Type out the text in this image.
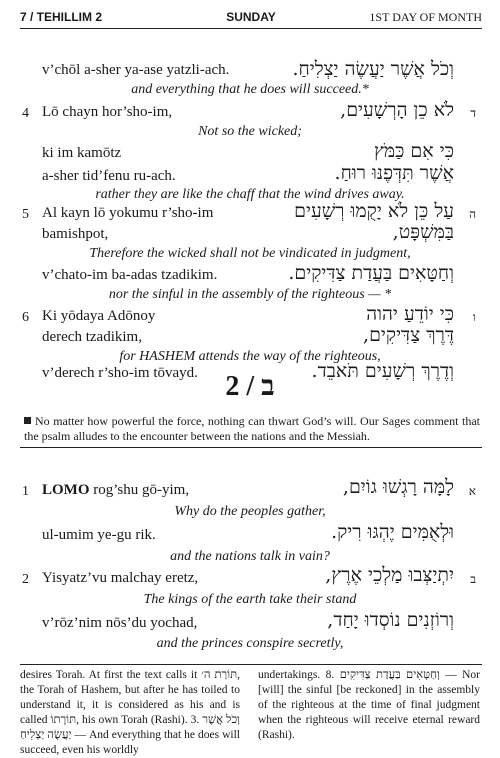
7 / TEHILLIM 2	SUNDAY	1ST DAY OF MONTH
v’chōl a-sher ya-ase yatzli-ach.	וְכֹל אֲשֶׁר יַעֲשֶׂה יַצְלִיחַ.
and everything that he does will succeed.*
4 Lō chayn hor’sho-im,	לֹא כֵן הָרְשָׁעִים, ד
Not so the wicked;
ki im kamōtz	כִּי אִם כַּמֹּץ
a-sher tid’fenu ru-ach.	אֲשֶׁר תִּדְּפֶנּוּ רוּחַ.
rather they are like the chaff that the wind drives away.
5 Al kayn lō yokumu r’sho-im	עַל כֵּן לֹא יָקֻמוּ רְשָׁעִים ה
bamishpot,	בַּמִּשְׁפָּט,
Therefore the wicked shall not be vindicated in judgment,
v’chato-im ba-adas tzadikim.	וְחַטָּאִים בַּעֲדַת צַדִּיקִים.
nor the sinful in the assembly of the righteous — *
6 Ki yōdaya Adōnoy	כִּי יוֹדֵעַ יהוה ו
derech tzadikim,	דֶּרֶךְ צַדִּיקִים,
for HASHEM attends the way of the righteous,
v’derech r’sho-im tōvayd.	וְדֶרֶךְ רְשָׁעִים תֹּאבֵד.
2 / ב
No matter how powerful the force, nothing can thwart God’s will. Our Sages comment that the psalm alludes to the encounter between the nations and the Messiah.
1 LOMO rog’shu gō-yim,	לָמָּה רָגְשׁוּ גוֹיִם, א
Why do the peoples gather,
ul-umim ye-gu rik.	וּלְאֻמִּים יֶהְגּוּ רִיק.
and the nations talk in vain?
2 Yisyatz’vu malchay eretz,	יִתְיַצְּבוּ מַלְכֵי אֶרֶץ, ב
The kings of the earth take their stand
v’rōz’nim nōs’du yochad,	וְרוֹזְנִים נוֹסְדוּ יָחַד,
and the princes conspire secretly,
desires Torah. At first the text calls it תּוֹרַת ה׳, the Torah of Hashem, but after he has toiled to understand it, it is considered as his and is called תּוֹרָתוֹ, his own Torah (Rashi). 3. וְכֹל אֲשֶׁר יַעֲשֶׂה יַצְלִיחַ — And everything that he does will succeed, even his worldly
undertakings. 8. וְחַטָּאִים בַּעֲדַת צַדִּיקִים — Nor [will] the sinful [be reckoned] in the assembly of the righteous at the time of final judgment when the righteous will receive eternal reward (Rashi).
